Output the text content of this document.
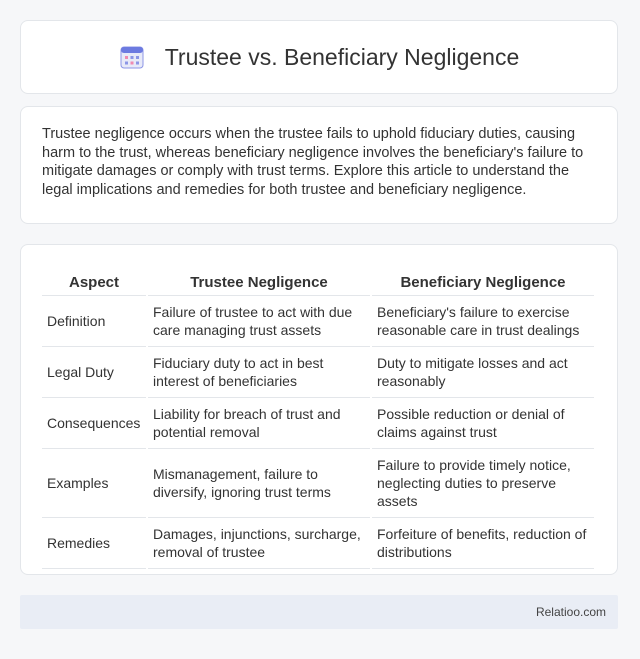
Trustee vs. Beneficiary Negligence

Trustee negligence occurs when the trustee fails to uphold fiduciary duties, causing harm to the trust, whereas beneficiary negligence involves the beneficiary's failure to mitigate damages or comply with trust terms. Explore this article to understand the legal implications and remedies for both trustee and beneficiary negligence.

Aspect	Trustee Negligence	Beneficiary Negligence
Definition	Failure of trustee to act with due care managing trust assets	Beneficiary's failure to exercise reasonable care in trust dealings
Legal Duty	Fiduciary duty to act in best interest of beneficiaries	Duty to mitigate losses and act reasonably
Consequences	Liability for breach of trust and potential removal	Possible reduction or denial of claims against trust
Examples	Mismanagement, failure to diversify, ignoring trust terms	Failure to provide timely notice, neglecting duties to preserve assets
Remedies	Damages, injunctions, surcharge, removal of trustee	Forfeiture of benefits, reduction of distributions
Relatioo.com
